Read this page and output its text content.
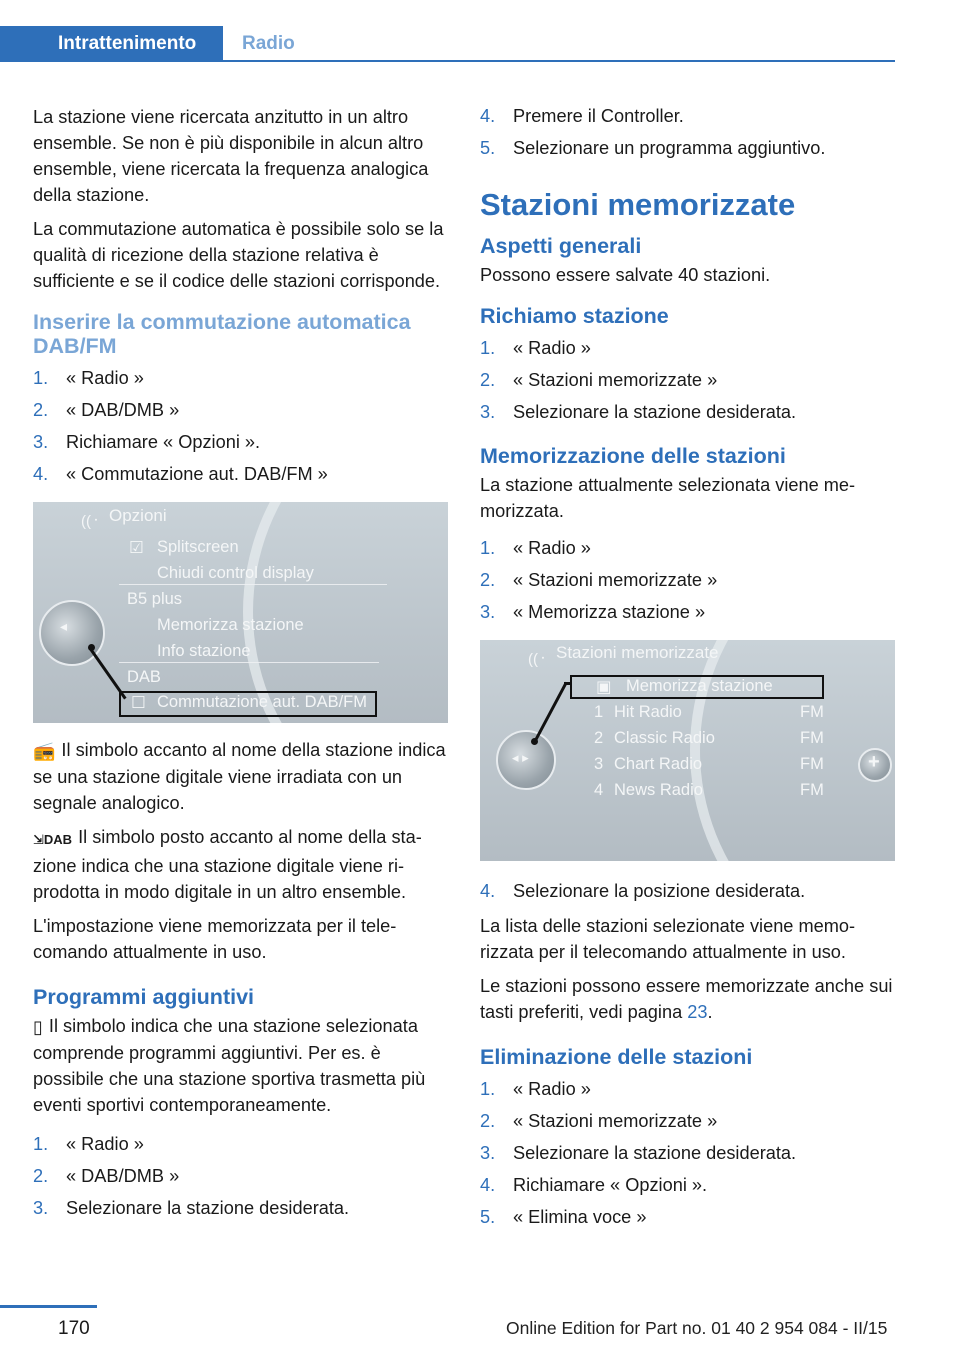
Intrattenimento	Radio

La stazione viene ricercata anzitutto in un altro ensemble. Se non è più disponibile in alcun altro ensemble, viene ricercata la frequenza analogica della stazione.

La commutazione automatica è possibile solo se la qualità di ricezione della stazione relativa è sufficiente e se il codice delle stazioni corrisponde.

Inserire la commutazione automatica DAB/FM
1. « Radio »
2. « DAB/DMB »
3. Richiamare « Opzioni ».
4. « Commutazione aut. DAB/FM »
Opzioni
((᠂
☑ Splitscreen
Chiudi control display
B5 plus
Memorizza stazione
Info stazione
DAB
☐ Commutazione aut. DAB/FM
◂

📻 Il simbolo accanto al nome della stazione indica se una stazione digitale viene irradiata con un segnale analogico.

⇲DAB Il simbolo posto accanto al nome della stazione indica che una stazione digitale viene riprodotta in modo digitale in un altro ensemble.

L'impostazione viene memorizzata per il telecomando attualmente in uso.

Programmi aggiuntivi

▯ Il simbolo indica che una stazione selezionata comprende programmi aggiuntivi. Per es. è possibile che una stazione sportiva trasmetta più eventi sportivi contemporaneamente.

1. « Radio »
2. « DAB/DMB »
3. Selezionare la stazione desiderata.
4. Premere il Controller.
5. Selezionare un programma aggiuntivo.
Stazioni memorizzate
Aspetti generali

Possono essere salvate 40 stazioni.

Richiamo stazione
1. « Radio »
2. « Stazioni memorizzate »
3. Selezionare la stazione desiderata.
Memorizzazione delle stazioni

La stazione attualmente selezionata viene memorizzata.

1. « Radio »
2. « Stazioni memorizzate »
3. « Memorizza stazione »
((᠂ Stazioni memorizzate
▣ Memorizza stazione
1 Hit Radio	FM
2 Classic Radio	FM
3 Chart Radio	FM
4 News Radio	FM
◂ ▸	+
4. Selezionare la posizione desiderata.

La lista delle stazioni selezionate viene memorizzata per il telecomando attualmente in uso.

Le stazioni possono essere memorizzate anche sui tasti preferiti, vedi pagina 23.

Eliminazione delle stazioni
1. « Radio »
2. « Stazioni memorizzate »
3. Selezionare la stazione desiderata.
4. Richiamare « Opzioni ».
5. « Elimina voce »
170	Online Edition for Part no. 01 40 2 954 084 - II/15
